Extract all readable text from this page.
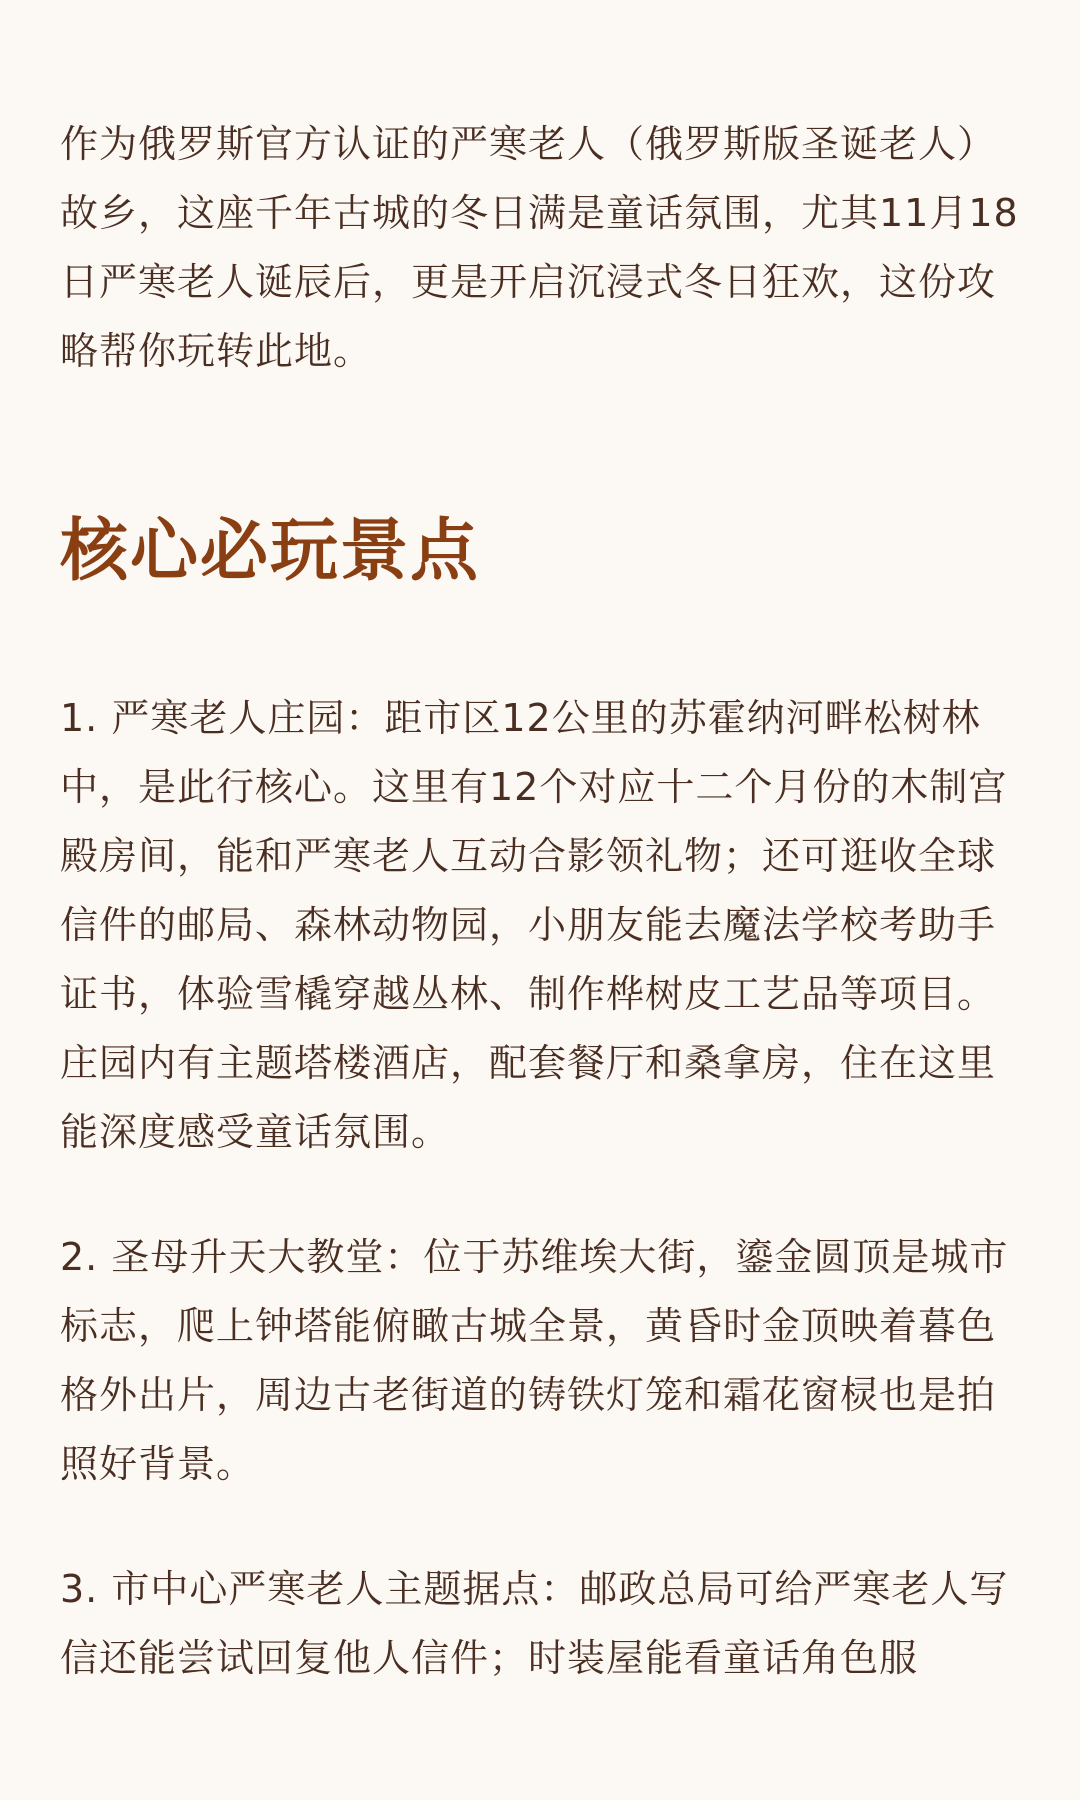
作为俄罗斯官方认证的严寒老人（俄罗斯版圣诞老人）故乡，这座千年古城的冬日满是童话氛围，尤其11月18日严寒老人诞辰后，更是开启沉浸式冬日狂欢，这份攻略帮你玩转此地。

核心必玩景点

1. 严寒老人庄园：距市区12公里的苏霍纳河畔松树林中，是此行核心。这里有12个对应十二个月份的木制宫殿房间，能和严寒老人互动合影领礼物；还可逛收全球信件的邮局、森林动物园，小朋友能去魔法学校考助手证书，体验雪橇穿越丛林、制作桦树皮工艺品等项目。庄园内有主题塔楼酒店，配套餐厅和桑拿房，住在这里能深度感受童话氛围。

2. 圣母升天大教堂：位于苏维埃大街，鎏金圆顶是城市标志，爬上钟塔能俯瞰古城全景，黄昏时金顶映着暮色格外出片，周边古老街道的铸铁灯笼和霜花窗棂也是拍照好背景。

3. 市中心严寒老人主题据点：邮政总局可给严寒老人写信还能尝试回复他人信件；时装屋能看童话角色服
